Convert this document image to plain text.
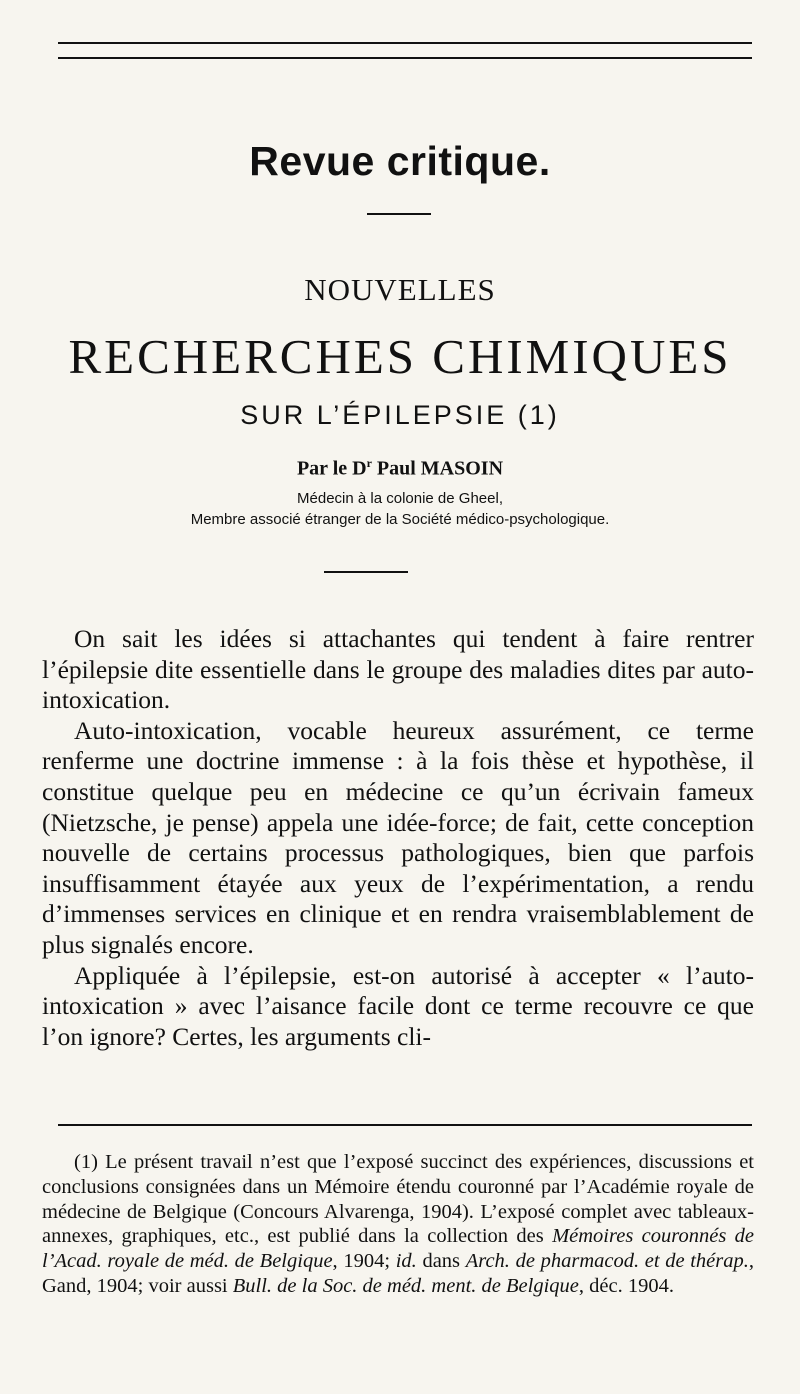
Revue critique.
NOUVELLES
RECHERCHES CHIMIQUES
SUR L’ÉPILEPSIE (1)
Par le $D^r$ Paul MASOIN
Médecin à la colonie de Gheel,
Membre associé étranger de la Société médico-psychologique.

On sait les idées si attachantes qui tendent à faire rentrer l’épilepsie dite essentielle dans le groupe des maladies dites par auto-intoxication.

Auto-intoxication, vocable heureux assurément, ce terme renferme une doctrine immense : à la fois thèse et hypothèse, il constitue quelque peu en médecine ce qu’un écrivain fameux (Nietzsche, je pense) appela une idée-force; de fait, cette conception nouvelle de certains processus pathologiques, bien que parfois insuffisamment étayée aux yeux de l’expérimentation, a rendu d’immenses services en clinique et en rendra vraisemblablement de plus signalés encore.

Appliquée à l’épilepsie, est-on autorisé à accepter « l’auto-intoxication » avec l’aisance facile dont ce terme recouvre ce que l’on ignore? Certes, les arguments cli-

(1) Le présent travail n’est que l’exposé succinct des expériences, discussions et conclusions consignées dans un Mémoire étendu couronné par l’Académie royale de médecine de Belgique (Concours Alvarenga, 1904). L’exposé complet avec tableaux-annexes, graphiques, etc., est publié dans la collection des Mémoires couronnés de l’Acad. royale de méd. de Belgique, 1904; id. dans Arch. de pharmacod. et de thérap., Gand, 1904; voir aussi Bull. de la Soc. de méd. ment. de Belgique, déc. 1904.
